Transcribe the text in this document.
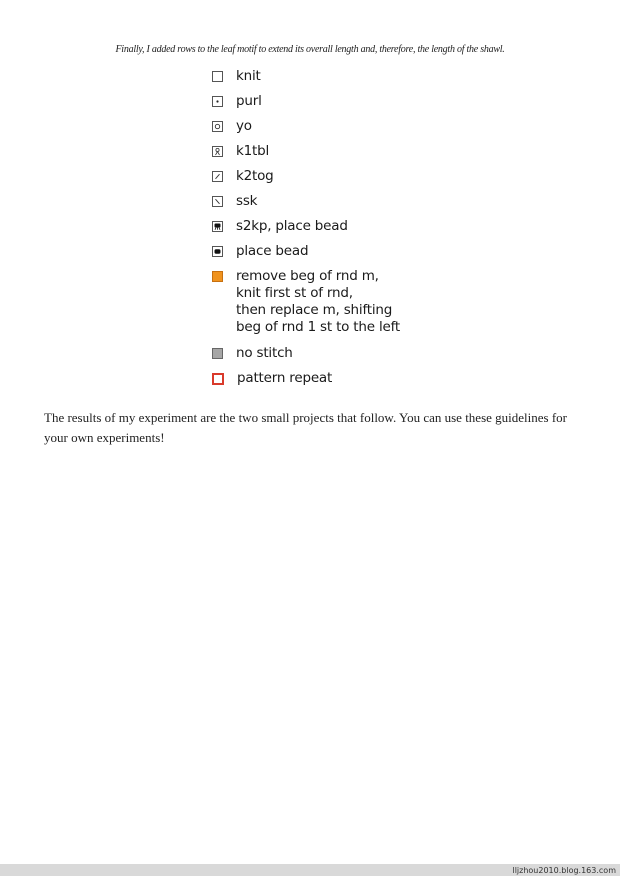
Finally, I added rows to the leaf motif to extend its overall length and, therefore, the length of the shawl.
knit
purl
yo
k1tbl
k2tog
ssk
s2kp, place bead
place bead
remove beg of rnd m,
knit first st of rnd,
then replace m, shifting
beg of rnd 1 st to the left
no stitch
pattern repeat

The results of my experiment are the two small projects that follow. You can use these guidelines for your own experiments!

lljzhou2010.blog.163.com
